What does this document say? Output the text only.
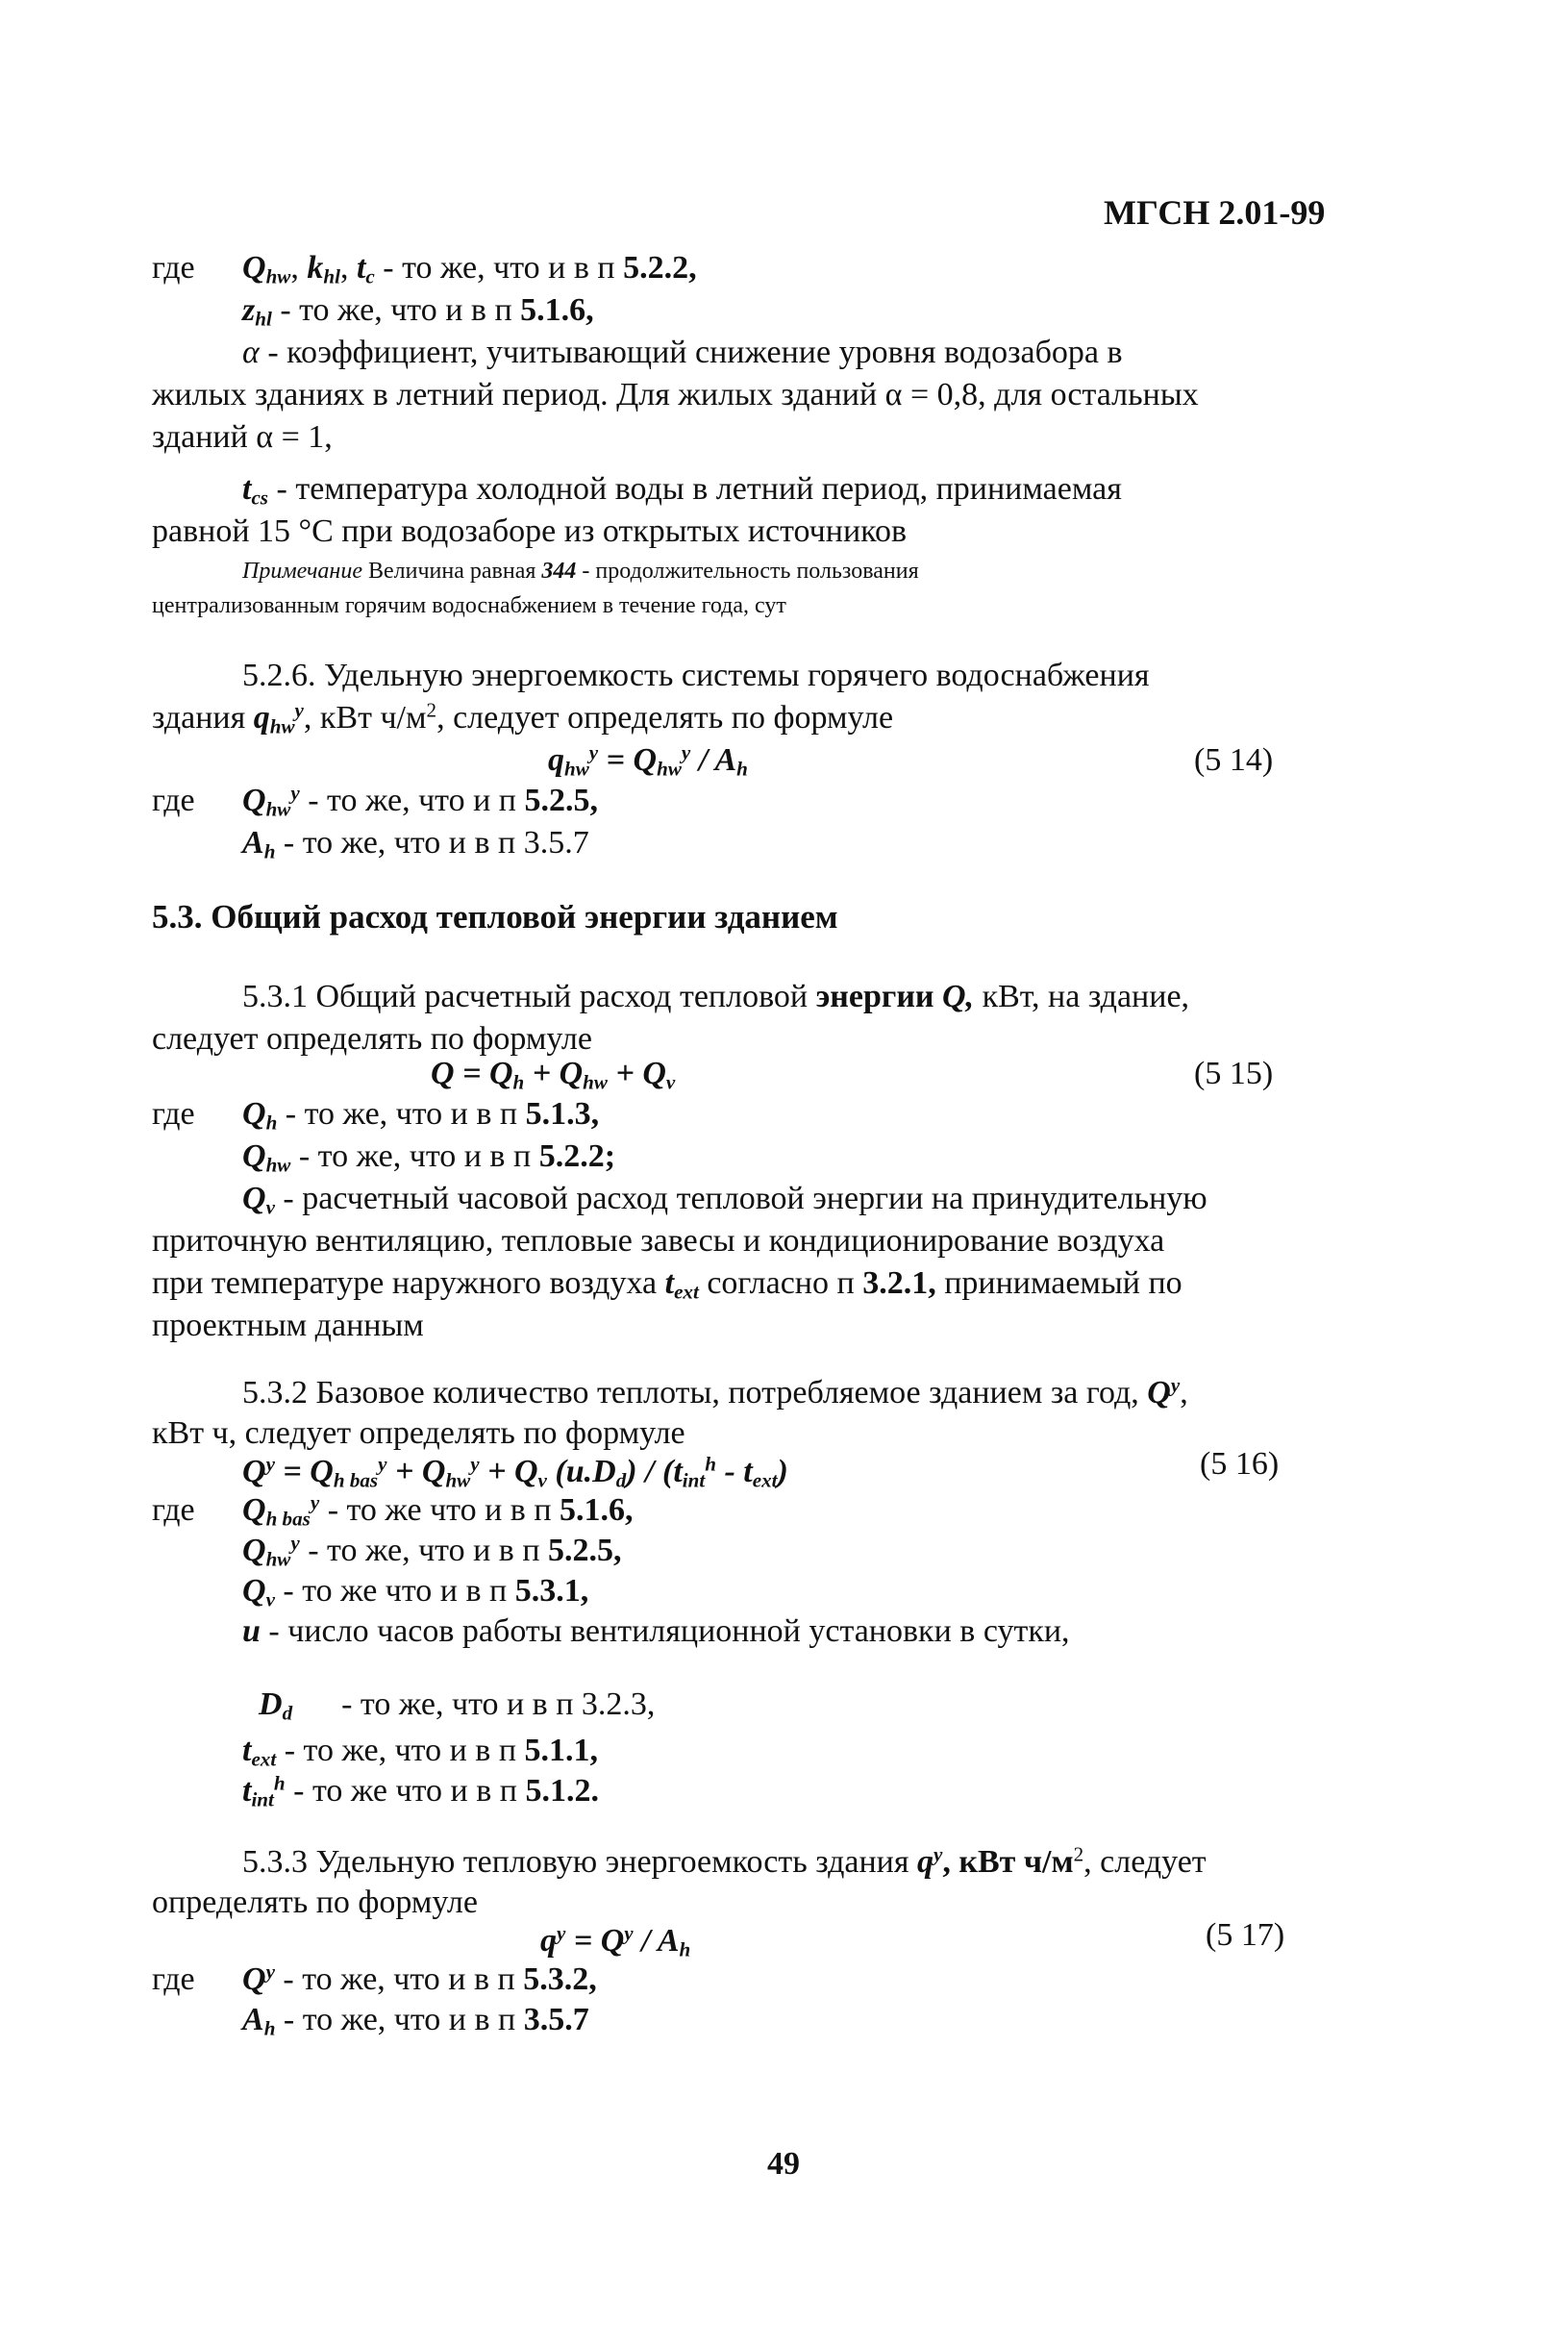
МГСН 2.01-99
где $Q_{hw}$, $k_{hl}$, $t_c$ - то же, что и в п 5.2.2,
$z_{hl}$ - то же, что и в п 5.1.6,
α - коэффициент, учитывающий снижение уровня водозабора в
жилых зданиях в летний период. Для жилых зданий α = 0,8, для остальных
зданий α = 1,
$t_{cs}$ - температура холодной воды в летний период, принимаемая
равной 15 °С при водозаборе из открытых источников
Примечание Величина равная 344 - продолжительность пользования
централизованным горячим водоснабжением в течение года, сут
5.2.6. Удельную энергоемкость системы горячего водоснабжения
здания $q_{hw}^y$, кВт $ч/м^2$, следует определять по формуле
$q_{hw}^y = Q_{hw}^y / A_h$	(5 14)
где $Q_{hw}^y$ - то же, что и п 5.2.5,
$A_h$ - то же, что и в п 3.5.7
5.3. Общий расход тепловой энергии зданием
5.3.1 Общий расчетный расход тепловой энергии Q, кВт, на здание,
следует определять по формуле
$Q = Q_h + Q_{hw} + Q_v$	(5 15)
где $Q_h$ - то же, что и в п 5.1.3,
$Q_{hw}$ - то же, что и в п 5.2.2;
$Q_v$ - расчетный часовой расход тепловой энергии на принудительную
приточную вентиляцию, тепловые завесы и кондиционирование воздуха
при температуре наружного воздуха $t_{ext}$ согласно п 3.2.1, принимаемый по
проектным данным
5.3.2 Базовое количество теплоты, потребляемое зданием за год, $Q^y$,
кВт ч, следует определять по формуле
$Q^y = Q_{h bas}^y + Q_{hw}^y + Q_v$ $(u.D_d) / (t_{int}^h - t_{ext})$	(5 16)
где $Q_{h bas}^y$ - то же что и в п 5.1.6,
$Q_{hw}^y$ - то же, что и в п 5.2.5,
$Q_v$ - то же что и в п 5.3.1,
u - число часов работы вентиляционной установки в сутки,

$D_d$      - то же, что и в п 3.2.3,

$t_{ext}$ - то же, что и в п 5.1.1,
$t_{int}^h$ - то же что и в п 5.1.2.
5.3.3 Удельную тепловую энергоемкость здания $q^y$, кВт $ч/м^2$, следует
определять по формуле
$q^y = Q^y / A_h$	(5 17)
где $Q^y$ - то же, что и в п 5.3.2,
$A_h$ - то же, что и в п 3.5.7
49
